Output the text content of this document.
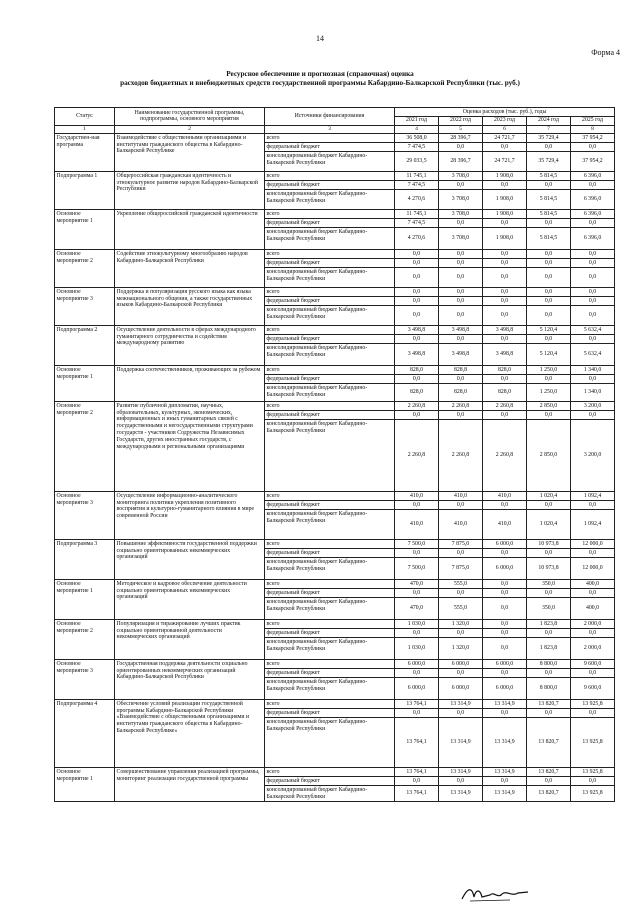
14
Форма 4
Ресурсное обеспечение и прогнозная (справочная) оценка
расходов бюджетных и внебюджетных средств государственной программы Кабардино-Балкарской Республики (тыс. руб.)
Статус	Наименование государственной программы, подпрограммы, основного мероприятия	Источники финансирования	Оценка расходов (тыс. руб.), годы				
			2021 год	2022 год	2023 год	2024 год	2025 год
1	2	3	4	5	6	7	8
Государствен-ная программа	Взаимодействие с общественными организациями и институтами гражданского общества в Кабардино-Балкарской Республике	всего	36 508,0	28 396,7	24 721,7	35 729,4	37 954,2
		федеральный бюджет	7 474,5	0,0	0,0	0,0	0,0
		консолидированный бюджет Кабардино-Балкарской Республики	29 033,5	28 396,7	24 721,7	35 729,4	37 954,2
Подпрограмма 1	Общероссийская гражданская идентичность и этнокультурное развитие народов Кабардино-Балкарской Республики	всего	11 745,1	3 708,0	1 908,0	5 814,5	6 396,0
		федеральный бюджет	7 474,5	0,0	0,0	0,0	0,0
		консолидированный бюджет Кабардино-Балкарской Республики	4 270,6	3 708,0	1 908,0	5 814,5	6 396,0
Основное мероприятие 1	Укрепление общероссийской гражданской идентичности	всего	11 745,1	3 708,0	1 908,0	5 814,5	6 396,0
		федеральный бюджет	7 474,5	0,0	0,0	0,0	0,0
		консолидированный бюджет Кабардино-Балкарской Республики	4 270,6	3 708,0	1 908,0	5 814,5	6 396,0
Основное мероприятие 2	Содействие этнокультурному многообразию народов Кабардино-Балкарской Республики	всего	0,0	0,0	0,0	0,0	0,0
		федеральный бюджет	0,0	0,0	0,0	0,0	0,0
		консолидированный бюджет Кабардино-Балкарской Республики	0,0	0,0	0,0	0,0	0,0
Основное мероприятие 3	Поддержка и популяризация русского языка как языка межнационального общения, а также государственных языков Кабардино-Балкарской Республики	всего	0,0	0,0	0,0	0,0	0,0
		федеральный бюджет	0,0	0,0	0,0	0,0	0,0
		консолидированный бюджет Кабардино-Балкарской Республики	0,0	0,0	0,0	0,0	0,0
Подпрограмма 2	Осуществление деятельности в сферах международного гуманитарного сотрудничества и содействия международному развитию	всего	3 498,8	3 498,8	3 498,8	5 120,4	5 632,4
		федеральный бюджет	0,0	0,0	0,0	0,0	0,0
		консолидированный бюджет Кабардино-Балкарской Республики	3 498,8	3 498,8	3 498,8	5 120,4	5 632,4
Основное мероприятие 1	Поддержка соотечественников, проживающих за рубежом	всего	828,0	828,8	828,0	1 250,0	1 340,0
		федеральный бюджет	0,0	0,0	0,0	0,0	0,0
		консолидированный бюджет Кабардино-Балкарской Республики	828,0	828,0	828,0	1 250,0	1 340,0
Основное мероприятие 2	Развитие публичной дипломатии, научных, образовательных, культурных, экономических, информационных и иных гуманитарных связей с государственными и негосударственными структурами государств - участников Содружества Независимых Государств, других иностранных государств, с международными и региональными организациями	всего	2 260,8	2 260,8	2 260,8	2 850,0	3 200,0
		федеральный бюджет	0,0	0,0	0,0	0,0	0,0
		консолидированный бюджет Кабардино-Балкарской Республики	2 260,8	2 260,8	2 260,8	2 850,0	3 200,0
Основное мероприятие 3	Осуществление информационно-аналитического мониторинга политики укрепления позитивного восприятия и культурно-гуманитарного влияния в мире современной России	всего	410,0	410,0	410,0	1 020,4	1 092,4
		федеральный бюджет	0,0	0,0	0,0	0,0	0,0
		консолидированный бюджет Кабардино-Балкарской Республики	410,0	410,0	410,0	1 020,4	1 092,4
Подпрограмма 3	Повышение эффективности государственной поддержки социально ориентированных некоммерческих организаций	всего	7 500,0	7 875,0	6 000,0	10 973,8	12 000,0
		федеральный бюджет	0,0	0,0	0,0	0,0	0,0
		консолидированный бюджет Кабардино-Балкарской Республики	7 500,0	7 875,0	6 000,0	10 973,8	12 000,0
Основное мероприятие 1	Методическое и кадровое обеспечение деятельности социально ориентированных некоммерческих организаций	всего	470,0	555,0	0,0	350,0	400,0
		федеральный бюджет	0,0	0,0	0,0	0,0	0,0
		консолидированный бюджет Кабардино-Балкарской Республики	470,0	555,0	0,0	350,0	400,0
Основное мероприятие 2	Популяризация и тиражирование лучших практик социально ориентированной деятельности некоммерческих организаций	всего	1 030,0	1 320,0	0,0	1 823,8	2 000,0
		федеральный бюджет	0,0	0,0	0,0	0,0	0,0
		консолидированный бюджет Кабардино-Балкарской Республики	1 030,0	1 320,0	0,0	1 823,8	2 000,0
Основное мероприятие 3	Государственная поддержка деятельности социально ориентированных некоммерческих организаций Кабардино-Балкарской Республики	всего	6 000,0	6 000,0	6 000,0	8 800,0	9 600,0
		федеральный бюджет	0,0	0,0	0,0	0,0	0,0
		консолидированный бюджет Кабардино-Балкарской Республики	6 000,0	6 000,0	6 000,0	8 800,0	9 600,0
Подпрограмма 4	Обеспечение условий реализации государственной программы Кабардино-Балкарской Республики «Взаимодействие с общественными организациями и институтами гражданского общества в Кабардино-Балкарской Республике»	всего	13 764,1	13 314,9	13 314,9	13 820,7	13 925,8
		федеральный бюджет	0,0	0,0	0,0	0,0	0,0
		консолидированный бюджет Кабардино-Балкарской Республики	13 764,1	13 314,9	13 314,9	13 820,7	13 925,8
Основное мероприятие 1	Совершенствование управления реализацией программы, мониторинг реализации государственной программы	всего	13 764,1	13 314,9	13 314,9	13 820,7	13 925,8
		федеральный бюджет	0,0	0,0	0,0	0,0	0,0
		консолидированный бюджет Кабардино-Балкарской Республики	13 764,1	13 314,9	13 314,9	13 820,7	13 925,8
